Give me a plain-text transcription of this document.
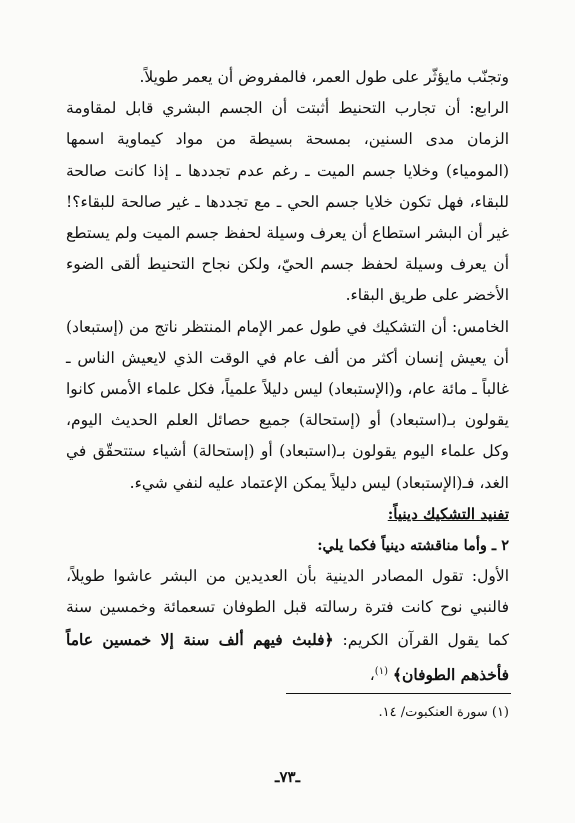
وتجنّب مايؤثّر على طول العمر، فالمفروض أن يعمر طويلاً.

الرابع: أن تجارب التحنيط أثبتت أن الجسم البشري قابل لمقاومة الزمان مدى السنين، بمسحة بسيطة من مواد كيماوية اسمها (المومياء) وخلايا جسم الميت ـ رغم عدم تجددها ـ إذا كانت صالحة للبقاء، فهل تكون خلايا جسم الحي ـ مع تجددها ـ غير صالحة للبقاء؟! غير أن البشر استطاع أن يعرف وسيلة لحفظ جسم الميت ولم يستطع أن يعرف وسيلة لحفظ جسم الحيّ، ولكن نجاح التحنيط ألقى الضوء الأخضر على طريق البقاء.

الخامس: أن التشكيك في طول عمر الإمام المنتظر ناتج من (إستبعاد) أن يعيش إنسان أكثر من ألف عام في الوقت الذي لايعيش الناس ـ غالباً ـ مائة عام، و(الإستبعاد) ليس دليلاً علمياً، فكل علماء الأمس كانوا يقولون بـ(استبعاد) أو (إستحالة) جميع حصائل العلم الحديث اليوم، وكل علماء اليوم يقولون بـ(استبعاد) أو (إستحالة) أشياء ستتحقّق في الغد، فـ(الإستبعاد) ليس دليلاً يمكن الإعتماد عليه لنفي شيء.

تفنيد التشكيك دينياً:

٢ ـ وأما مناقشته دينياً فكما يلي:

الأول: تقول المصادر الدينية بأن العديدين من البشر عاشوا طويلاً، فالنبي نوح كانت فترة رسالته قبل الطوفان تسعمائة وخمسين سنة كما يقول القرآن الكريم: ﴿فلبث فيهم ألف سنة إلا خمسين عاماً فأخذهم الطوفان﴾ $^{(١)}$،

(١) سورة العنكبوت/ ١٤.
ـ٧٣ـ
